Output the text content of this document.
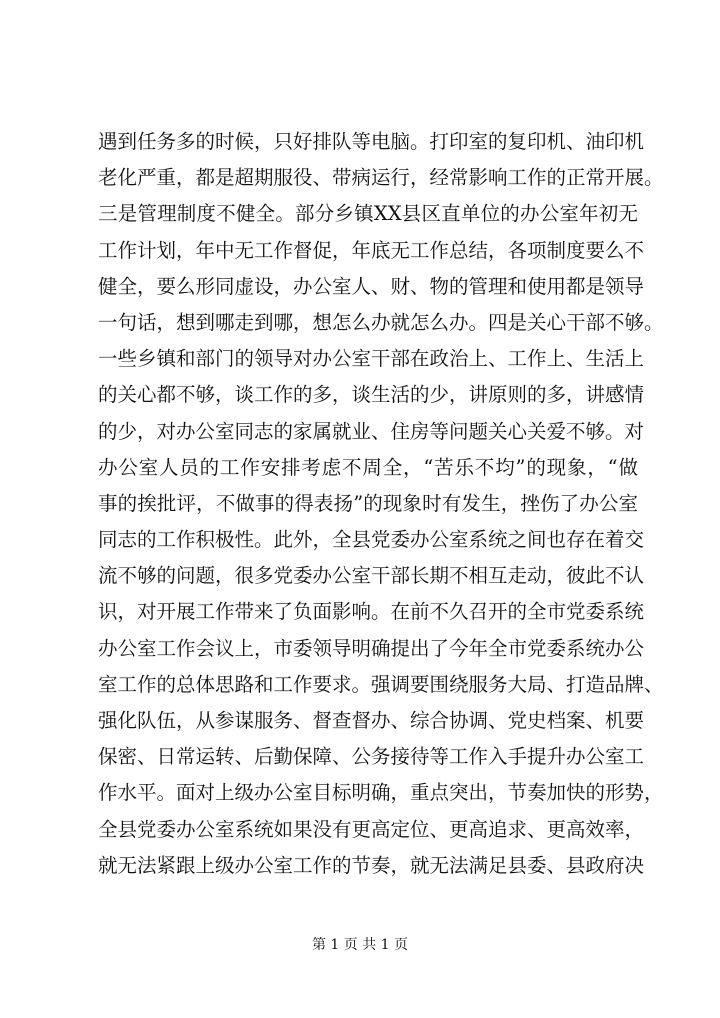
遇到任务多的时候，只好排队等电脑。打印室的复印机、油印机
老化严重，都是超期服役、带病运行，经常影响工作的正常开展。
三是管理制度不健全。部分乡镇XX县区直单位的办公室年初无
工作计划，年中无工作督促，年底无工作总结，各项制度要么不
健全，要么形同虚设，办公室人、财、物的管理和使用都是领导
一句话，想到哪走到哪，想怎么办就怎么办。四是关心干部不够。
一些乡镇和部门的领导对办公室干部在政治上、工作上、生活上
的关心都不够，谈工作的多，谈生活的少，讲原则的多，讲感情
的少，对办公室同志的家属就业、住房等问题关心关爱不够。对
办公室人员的工作安排考虑不周全，“苦乐不均”的现象，“做
事的挨批评，不做事的得表扬”的现象时有发生，挫伤了办公室
同志的工作积极性。此外，全县党委办公室系统之间也存在着交
流不够的问题，很多党委办公室干部长期不相互走动，彼此不认
识，对开展工作带来了负面影响。在前不久召开的全市党委系统
办公室工作会议上，市委领导明确提出了今年全市党委系统办公
室工作的总体思路和工作要求。强调要围绕服务大局、打造品牌、
强化队伍，从参谋服务、督查督办、综合协调、党史档案、机要
保密、日常运转、后勤保障、公务接待等工作入手提升办公室工
作水平。面对上级办公室目标明确，重点突出，节奏加快的形势，
全县党委办公室系统如果没有更高定位、更高追求、更高效率，
就无法紧跟上级办公室工作的节奏，就无法满足县委、县政府决
第 1 页 共 1 页
